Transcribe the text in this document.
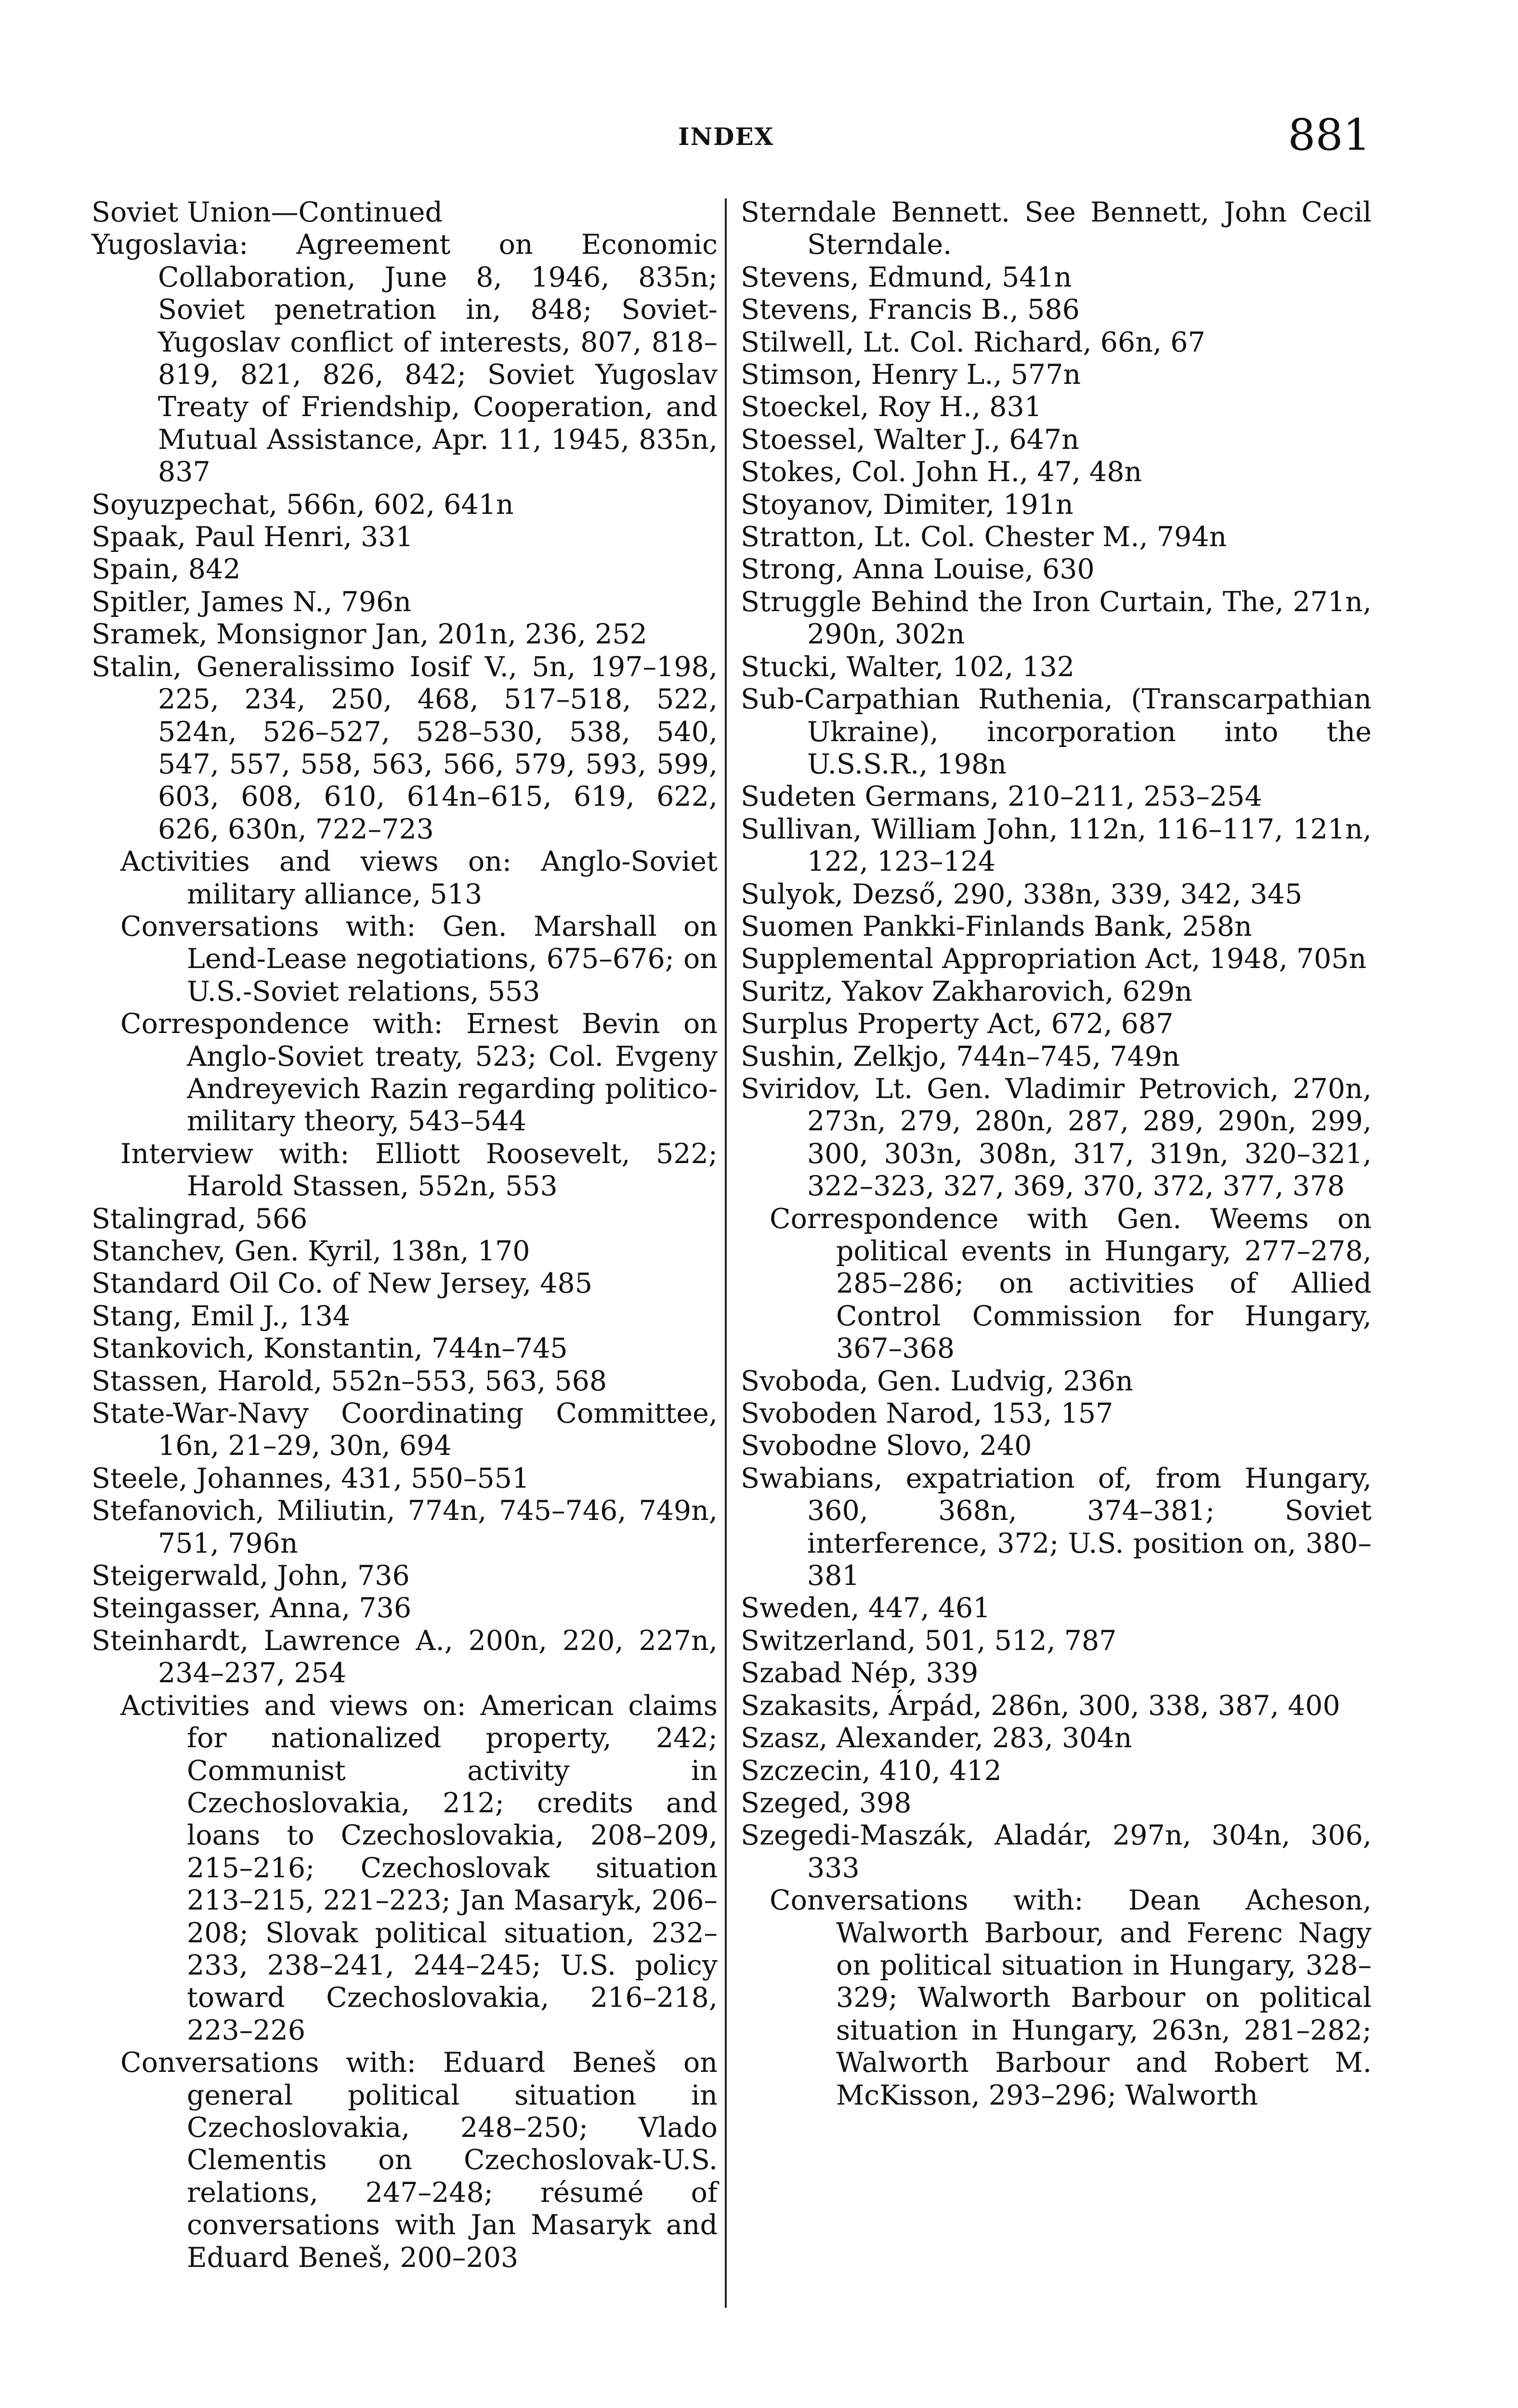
INDEX	881

Soviet Union—Continued

Yugoslavia: Agreement on Economic Collaboration, June 8, 1946, 835n; Soviet penetration in, 848; Soviet-Yugoslav conflict of interests, 807, 818–819, 821, 826, 842; Soviet Yugoslav Treaty of Friendship, Cooperation, and Mutual Assistance, Apr. 11, 1945, 835n, 837

Soyuzpechat, 566n, 602, 641n

Spaak, Paul Henri, 331

Spain, 842

Spitler, James N., 796n

Sramek, Monsignor Jan, 201n, 236, 252

Stalin, Generalissimo Iosif V., 5n, 197–198, 225, 234, 250, 468, 517–518, 522, 524n, 526–527, 528–530, 538, 540, 547, 557, 558, 563, 566, 579, 593, 599, 603, 608, 610, 614n–615, 619, 622, 626, 630n, 722–723

Activities and views on: Anglo-Soviet military alliance, 513

Conversations with: Gen. Marshall on Lend-Lease negotiations, 675–676; on U.S.-Soviet relations, 553

Correspondence with: Ernest Bevin on Anglo-Soviet treaty, 523; Col. Evgeny Andreyevich Razin regarding politico-military theory, 543–544

Interview with: Elliott Roosevelt, 522; Harold Stassen, 552n, 553

Stalingrad, 566

Stanchev, Gen. Kyril, 138n, 170

Standard Oil Co. of New Jersey, 485

Stang, Emil J., 134

Stankovich, Konstantin, 744n–745

Stassen, Harold, 552n–553, 563, 568

State-War-Navy Coordinating Committee, 16n, 21–29, 30n, 694

Steele, Johannes, 431, 550–551

Stefanovich, Miliutin, 774n, 745–746, 749n, 751, 796n

Steigerwald, John, 736

Steingasser, Anna, 736

Steinhardt, Lawrence A., 200n, 220, 227n, 234–237, 254

Activities and views on: American claims for nationalized property, 242; Communist activity in Czechoslovakia, 212; credits and loans to Czechoslovakia, 208–209, 215–216; Czechoslovak situation 213–215, 221–223; Jan Masaryk, 206–208; Slovak political situation, 232–233, 238–241, 244–245; U.S. policy toward Czechoslovakia, 216–218, 223–226

Conversations with: Eduard Beneš on general political situation in Czechoslovakia, 248–250; Vlado Clementis on Czechoslovak-U.S. relations, 247–248; résumé of conversations with Jan Masaryk and Eduard Beneš, 200–203

Sterndale Bennett. See Bennett, John Cecil Sterndale.

Stevens, Edmund, 541n

Stevens, Francis B., 586

Stilwell, Lt. Col. Richard, 66n, 67

Stimson, Henry L., 577n

Stoeckel, Roy H., 831

Stoessel, Walter J., 647n

Stokes, Col. John H., 47, 48n

Stoyanov, Dimiter, 191n

Stratton, Lt. Col. Chester M., 794n

Strong, Anna Louise, 630

Struggle Behind the Iron Curtain, The, 271n, 290n, 302n

Stucki, Walter, 102, 132

Sub-Carpathian Ruthenia, (Transcarpathian Ukraine), incorporation into the U.S.S.R., 198n

Sudeten Germans, 210–211, 253–254

Sullivan, William John, 112n, 116–117, 121n, 122, 123–124

Sulyok, Dezső, 290, 338n, 339, 342, 345

Suomen Pankki-Finlands Bank, 258n

Supplemental Appropriation Act, 1948, 705n

Suritz, Yakov Zakharovich, 629n

Surplus Property Act, 672, 687

Sushin, Zelkjo, 744n–745, 749n

Sviridov, Lt. Gen. Vladimir Petrovich, 270n, 273n, 279, 280n, 287, 289, 290n, 299, 300, 303n, 308n, 317, 319n, 320–321, 322–323, 327, 369, 370, 372, 377, 378

Correspondence with Gen. Weems on political events in Hungary, 277–278, 285–286; on activities of Allied Control Commission for Hungary, 367–368

Svoboda, Gen. Ludvig, 236n

Svoboden Narod, 153, 157

Svobodne Slovo, 240

Swabians, expatriation of, from Hungary, 360, 368n, 374–381; Soviet interference, 372; U.S. position on, 380–381

Sweden, 447, 461

Switzerland, 501, 512, 787

Szabad Nép, 339

Szakasits, Árpád, 286n, 300, 338, 387, 400

Szasz, Alexander, 283, 304n

Szczecin, 410, 412

Szeged, 398

Szegedi-Maszák, Aladár, 297n, 304n, 306, 333

Conversations with: Dean Acheson, Walworth Barbour, and Ferenc Nagy on political situation in Hungary, 328–329; Walworth Barbour on political situation in Hungary, 263n, 281–282; Walworth Barbour and Robert M. McKisson, 293–296; Walworth
